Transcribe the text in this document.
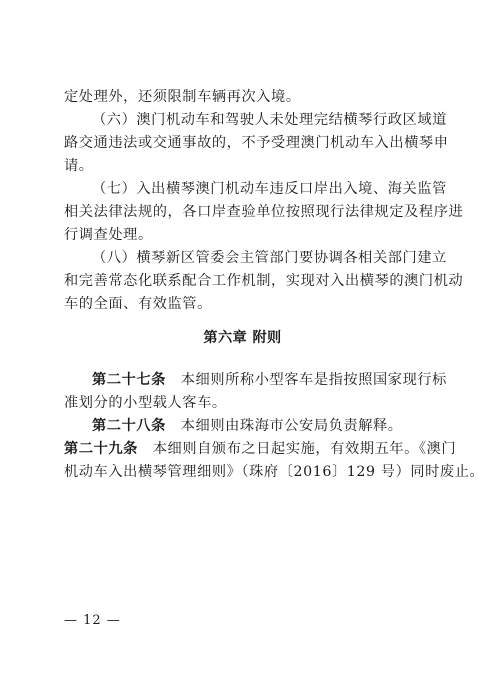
定处理外，还须限制车辆再次入境。

（六）澳门机动车和驾驶人未处理完结横琴行政区域道

路交通违法或交通事故的，不予受理澳门机动车入出横琴申

请。

（七）入出横琴澳门机动车违反口岸出入境、海关监管

相关法律法规的，各口岸查验单位按照现行法律规定及程序进

行调查处理。

（八）横琴新区管委会主管部门要协调各相关部门建立

和完善常态化联系配合工作机制，实现对入出横琴的澳门机动

车的全面、有效监管。

第六章 附则

第二十七条  本细则所称小型客车是指按照国家现行标

准划分的小型载人客车。

第二十八条  本细则由珠海市公安局负责解释。

第二十九条  本细则自颁布之日起实施，有效期五年。《澳门

机动车入出横琴管理细则》（珠府〔2016〕129 号）同时废止。

— 12 —
